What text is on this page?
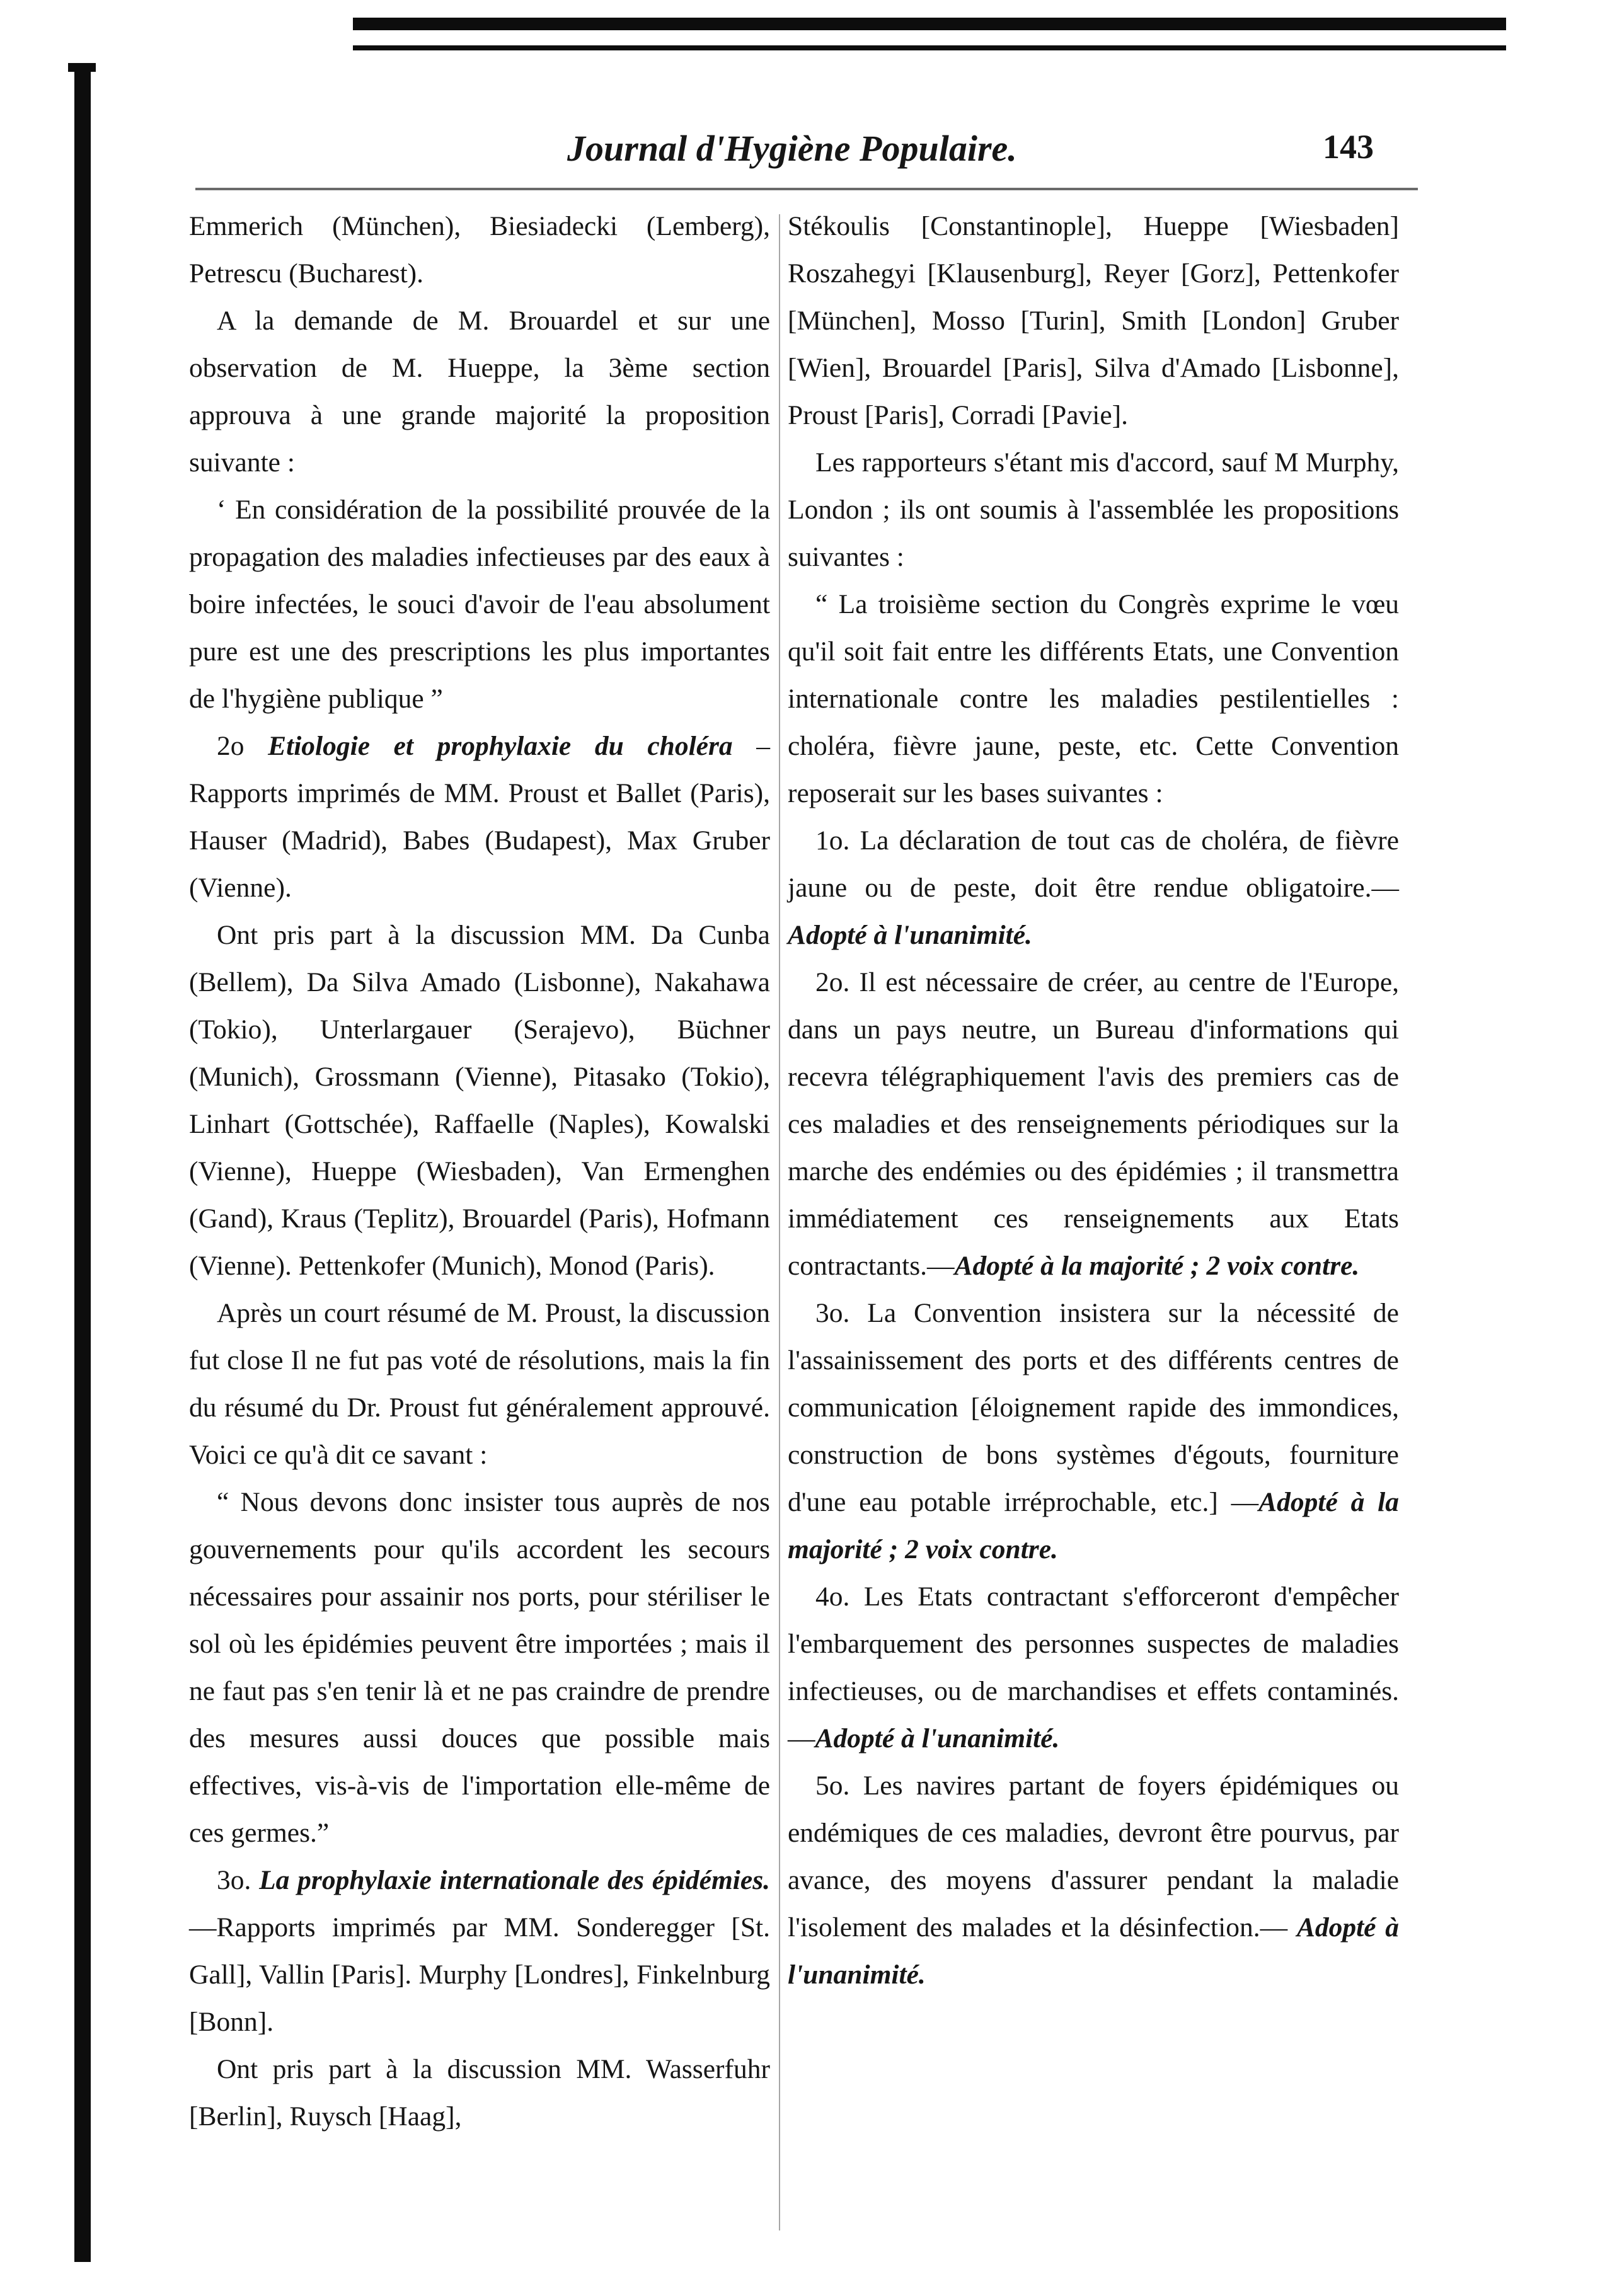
Journal d'Hygiène Populaire.	143

Emmerich (München), Biesiadecki (Lemberg), Petrescu (Bucharest).

A la demande de M. Brouardel et sur une observation de M. Hueppe, la 3ème section approuva à une grande majorité la proposition suivante :

‘ En considération de la possibilité prouvée de la propagation des maladies infectieuses par des eaux à boire infectées, le souci d'avoir de l'eau absolument pure est une des prescriptions les plus importantes de l'hygiène publique ”

2o Etiologie et prophylaxie du choléra – Rapports imprimés de MM. Proust et Ballet (Paris), Hauser (Madrid), Babes (Budapest), Max Gruber (Vienne).

Ont pris part à la discussion MM. Da Cunba (Bellem), Da Silva Amado (Lisbonne), Nakahawa (Tokio), Unterlargauer (Serajevo), Büchner (Munich), Grossmann (Vienne), Pitasako (Tokio), Linhart (Gottschée), Raffaelle (Naples), Kowalski (Vienne), Hueppe (Wiesbaden), Van Ermenghen (Gand), Kraus (Teplitz), Brouardel (Paris), Hofmann (Vienne). Pettenkofer (Munich), Monod (Paris).

Après un court résumé de M. Proust, la discussion fut close Il ne fut pas voté de résolutions, mais la fin du résumé du Dr. Proust fut généralement approuvé. Voici ce qu'à dit ce savant :

“ Nous devons donc insister tous auprès de nos gouvernements pour qu'ils accordent les secours nécessaires pour assainir nos ports, pour stériliser le sol où les épidémies peuvent être importées ; mais il ne faut pas s'en tenir là et ne pas craindre de prendre des mesures aussi douces que possible mais effectives, vis-à-vis de l'importation elle-même de ces germes.”

3o. La prophylaxie internationale des épidémies.—Rapports imprimés par MM. Sonderegger [St. Gall], Vallin [Paris]. Murphy [Londres], Finkelnburg [Bonn].

Ont pris part à la discussion MM. Wasserfuhr [Berlin], Ruysch [Haag],

Stékoulis [Constantinople], Hueppe [Wiesbaden] Roszahegyi [Klausenburg], Reyer [Gorz], Pettenkofer [München], Mosso [Turin], Smith [London] Gruber [Wien], Brouardel [Paris], Silva d'Amado [Lisbonne], Proust [Paris], Corradi [Pavie].

Les rapporteurs s'étant mis d'accord, sauf M Murphy, London ; ils ont soumis à l'assemblée les propositions suivantes :

“ La troisième section du Congrès exprime le vœu qu'il soit fait entre les différents Etats, une Convention internationale contre les maladies pestilentielles : choléra, fièvre jaune, peste, etc. Cette Convention reposerait sur les bases suivantes :

1o. La déclaration de tout cas de choléra, de fièvre jaune ou de peste, doit être rendue obligatoire.—Adopté à l'unanimité.

2o. Il est nécessaire de créer, au centre de l'Europe, dans un pays neutre, un Bureau d'informations qui recevra télégraphiquement l'avis des premiers cas de ces maladies et des renseignements périodiques sur la marche des endémies ou des épidémies ; il transmettra immédiatement ces renseignements aux Etats contractants.—Adopté à la majorité ; 2 voix contre.

3o. La Convention insistera sur la nécessité de l'assainissement des ports et des différents centres de communication [éloignement rapide des immondices, construction de bons systèmes d'égouts, fourniture d'une eau potable irréprochable, etc.] —Adopté à la majorité ; 2 voix contre.

4o. Les Etats contractant s'efforceront d'empêcher l'embarquement des personnes suspectes de maladies infectieuses, ou de marchandises et effets contaminés. —Adopté à l'unanimité.

5o. Les navires partant de foyers épidémiques ou endémiques de ces maladies, devront être pourvus, par avance, des moyens d'assurer pendant la maladie l'isolement des malades et la désinfection.— Adopté à l'unanimité.
